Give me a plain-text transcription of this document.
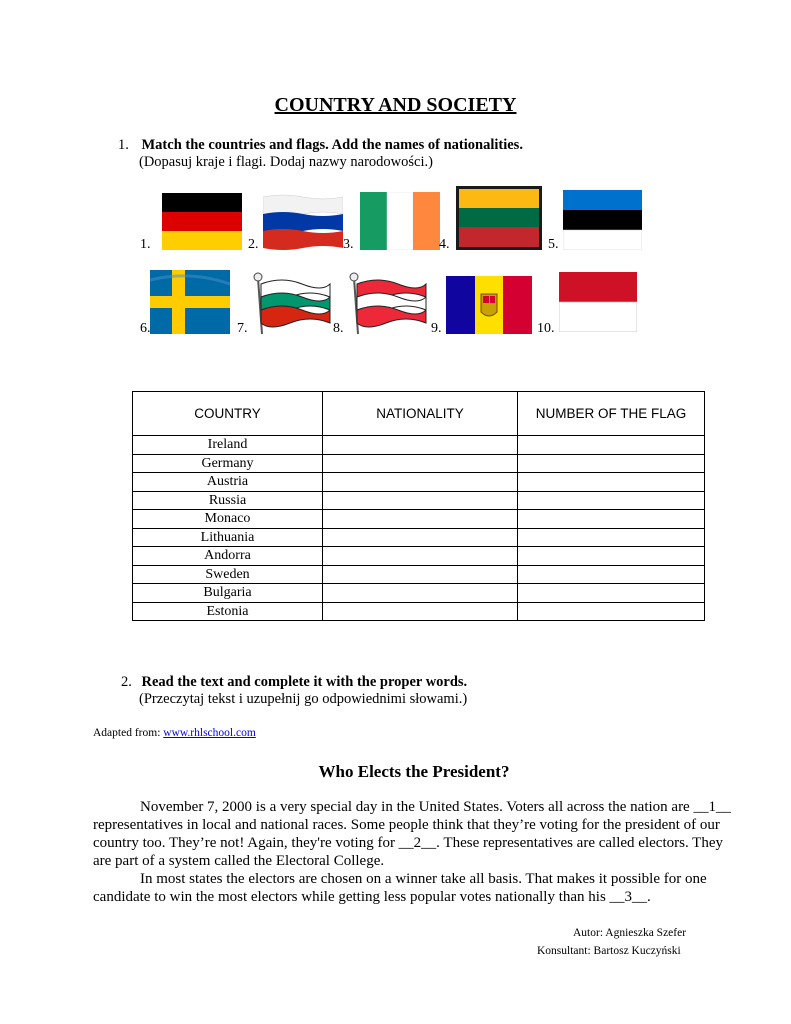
COUNTRY AND SOCIETY
1. Match the countries and flags. Add the names of nationalities.
(Dopasuj kraje i flagi. Dodaj nazwy narodowości.)
1.	2.	3.	4.	5.
6.	7.	8.	9.	10.
COUNTRY	NATIONALITY	NUMBER OF THE FLAG
Ireland		
Germany		
Austria		
Russia		
Monaco		
Lithuania		
Andorra		
Sweden		
Bulgaria		
Estonia		
2. Read the text and complete it with the proper words.
(Przeczytaj tekst i uzupełnij go odpowiednimi słowami.)
Adapted from: www.rhlschool.com
Who Elects the President?

November 7, 2000 is a very special day in the United States. Voters all across the nation are __1__ representatives in local and national races. Some people think that they’re voting for the president of our country too. They’re not! Again, they're voting for __2__. These representatives are called electors. They are part of a system called the Electoral College.

In most states the electors are chosen on a winner take all basis. That makes it possible for one candidate to win the most electors while getting less popular votes nationally than his __3__.

Autor: Agnieszka Szefer
Konsultant: Bartosz Kuczyński
